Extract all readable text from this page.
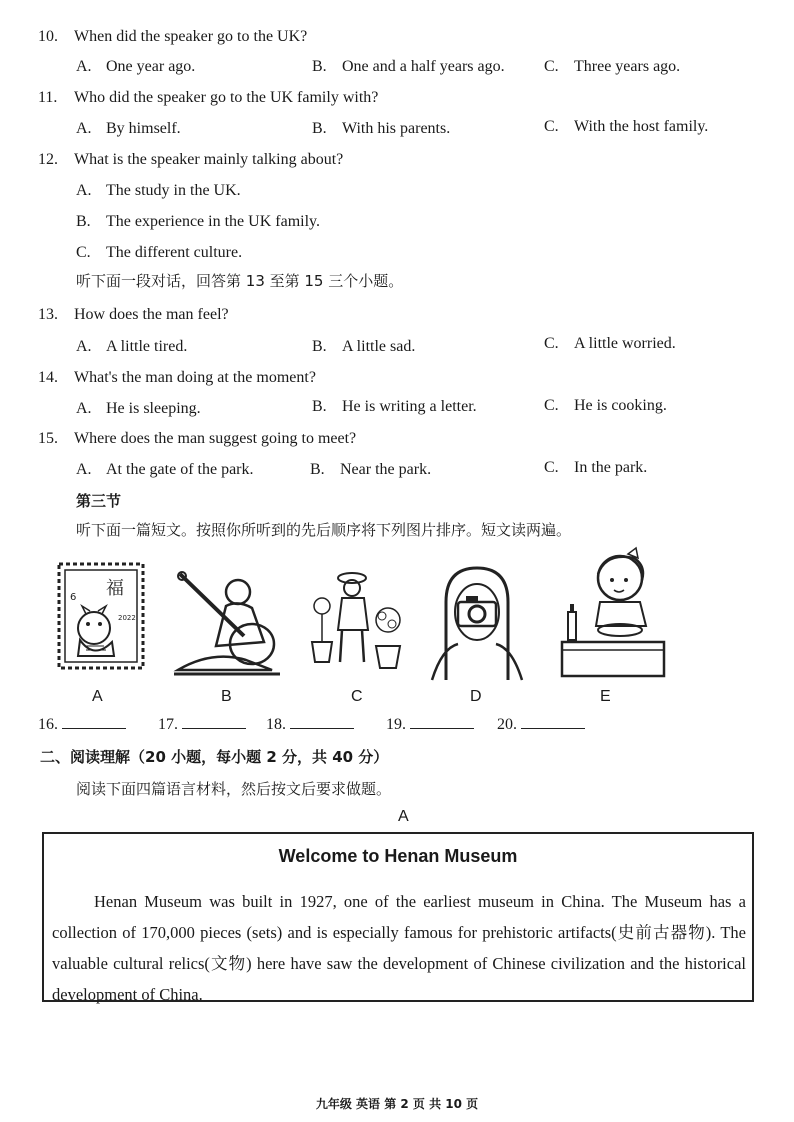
10. When did the speaker go to the UK?
A. One year ago.	B. One and a half years ago. C. Three years ago.
11. Who did the speaker go to the UK family with?
A. By himself.	B. With his parents.	C. With the host family.
12. What is the speaker mainly talking about?
A. The study in the UK.
B. The experience in the UK family.
C. The different culture.
听下面一段对话，回答第 13 至第 15 三个小题。
13. How does the man feel?
A. A little tired.	B. A little sad.	C. A little worried.
14. What's the man doing at the moment?
A. He is sleeping.	B. He is writing a letter.	C. He is cooking.
15. Where does the man suggest going to meet?
A. At the gate of the park.	B. Near the park.	C. In the park.
第三节
听下面一篇短文。按照你所听到的先后顺序将下列图片排序。短文读两遍。
福
6
2022
A	B	C	D	E
16.	17.	18.	19.	20.
二、阅读理解（20 小题，每小题 2 分，共 40 分）
阅读下面四篇语言材料，然后按文后要求做题。
A
Welcome to Henan Museum
Henan Museum was built in 1927, one of the earliest museum in China. The Museum has a collection of 170,000 pieces (sets) and is especially famous for prehistoric artifacts(史前古器物). The valuable cultural relics(文物) here have saw the development of Chinese civilization and the historical development of China.
九年级 英语 第 2 页 共 10 页
